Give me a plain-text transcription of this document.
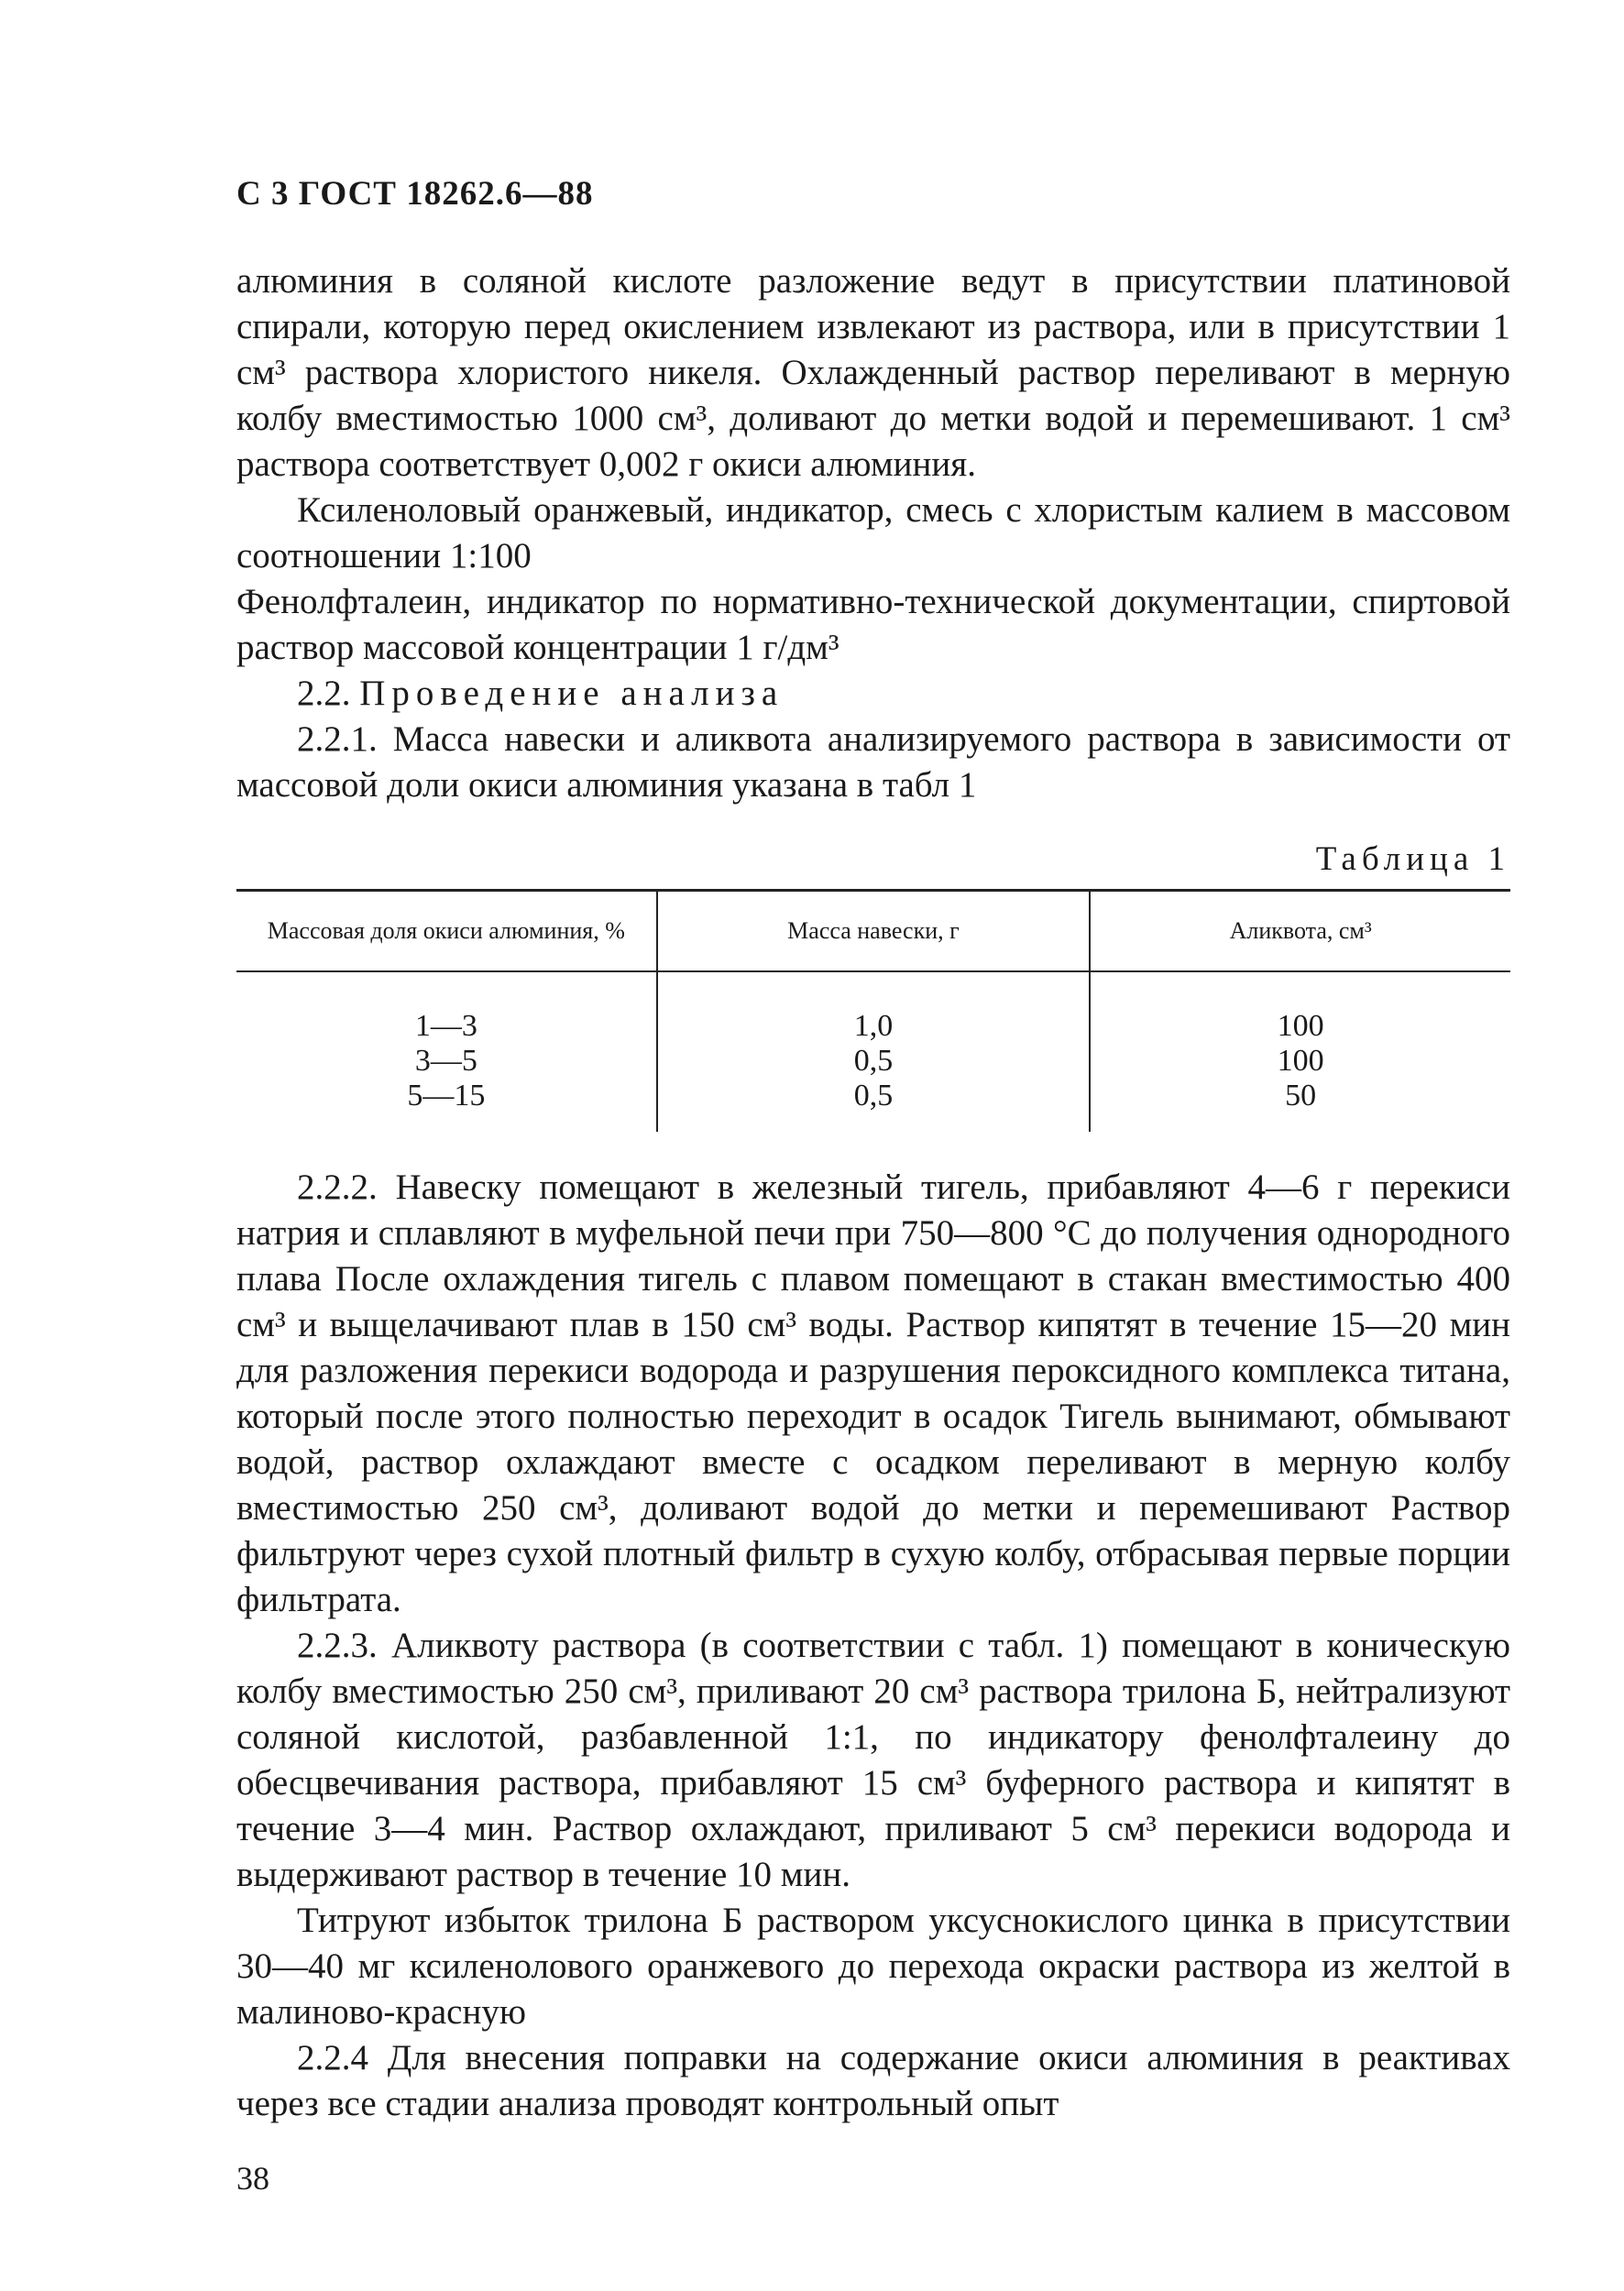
С 3 ГОСТ 18262.6—88

алюминия в соляной кислоте разложение ведут в присутствии платиновой спирали, которую перед окислением извлекают из раствора, или в присутствии 1 см³ раствора хлористого никеля. Охлажденный раствор переливают в мерную колбу вместимостью 1000 см³, доливают до метки водой и перемешивают. 1 см³ раствора соответствует 0,002 г окиси алюминия.

Ксиленоловый оранжевый, индикатор, смесь с хлористым калием в массовом соотношении 1:100

Фенолфталеин, индикатор по нормативно-технической документации, спиртовой раствор массовой концентрации 1 г/дм³

2.2. Проведение анализа

2.2.1. Масса навески и аликвота анализируемого раствора в зависимости от массовой доли окиси алюминия указана в табл 1

Таблица 1
Массовая доля окиси алюминия, %	Масса навески, г	Аликвота, см³
1—3	1,0	100
3—5	0,5	100
5—15	0,5	50

2.2.2. Навеску помещают в железный тигель, прибавляют 4—6 г перекиси натрия и сплавляют в муфельной печи при 750—800 °С до получения однородного плава После охлаждения тигель с плавом помещают в стакан вместимостью 400 см³ и выщелачивают плав в 150 см³ воды. Раствор кипятят в течение 15—20 мин для разложения перекиси водорода и разрушения пероксидного комплекса титана, который после этого полностью переходит в осадок Тигель вынимают, обмывают водой, раствор охлаждают вместе с осадком переливают в мерную колбу вместимостью 250 см³, доливают водой до метки и перемешивают Раствор фильтруют через сухой плотный фильтр в сухую колбу, отбрасывая первые порции фильтрата.

2.2.3. Аликвоту раствора (в соответствии с табл. 1) помещают в коническую колбу вместимостью 250 см³, приливают 20 см³ раствора трилона Б, нейтрализуют соляной кислотой, разбавленной 1:1, по индикатору фенолфталеину до обесцвечивания раствора, прибавляют 15 см³ буферного раствора и кипятят в течение 3—4 мин. Раствор охлаждают, приливают 5 см³ перекиси водорода и выдерживают раствор в течение 10 мин.

Титруют избыток трилона Б раствором уксуснокислого цинка в присутствии 30—40 мг ксиленолового оранжевого до перехода окраски раствора из желтой в малиново-красную

2.2.4 Для внесения поправки на содержание окиси алюминия в реактивах через все стадии анализа проводят контрольный опыт

38
